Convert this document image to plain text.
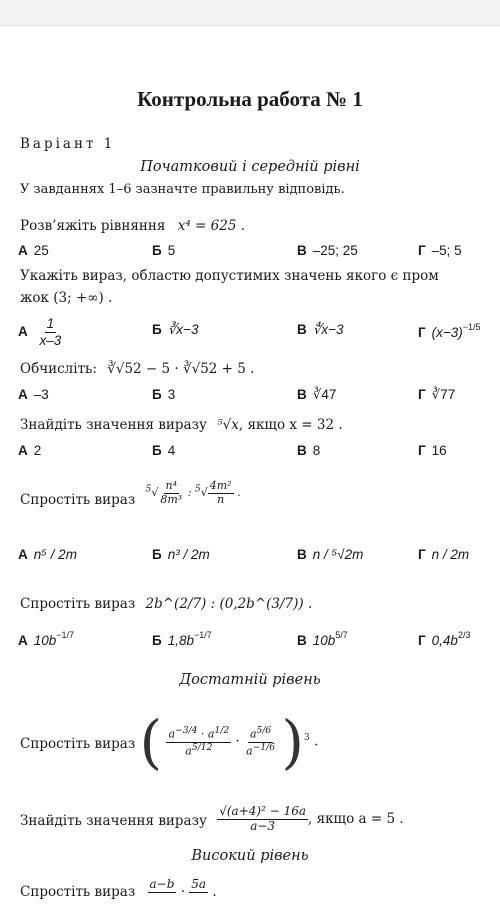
Контрольна работа № 1
Варіант 1
Початковий і середній рівні
У завданнях 1–6 зазначте правильну відповідь.
Розв’яжіть рівняння x⁴ = 625 .
А 25	Б 5	В –25; 25	Г –5; 5
Укажіть вираз, областю допустимих значень якого є пром
жок (3; +∞) .
А $\frac{1}{x-3}$	Б ∛x−3	В ∜x−3	Г $(x-3)^{-1/5}$
Обчисліть: ∛√52 − 5 · ∛√52 + 5 .
А –3	Б 3	В ∛47	Г ∛77
Знайдіть значення виразу ⁵√x, якщо x = 32 .
А 2	Б 4	В 8	Г 16
Спростіть вираз $^5√ \frac{\text{n⁴}}{\text{8m³}}$ : $^5√ \frac{\text{4m²}}{n}$ .
А n⁵ / 2m	Б n³ / 2m	В n / ⁵√2m	Г n / 2m
Спростіть вираз 2b^(2/7) : (0,2b^(3/7)) .
А $10b^{-1/7}$	Б $1,8b^{-1/7}$	В $10b^{5/7}$	Г $0,4b^{2/3}$
Достатній рівень
Спростіть вираз ( $\frac{a^{-3/4} \cdot a^{1/2}}{a^{5/12}} \cdot \frac{a^{5/6}}{a^{-1/6}} )^3$ .
Знайдіть значення виразу $\frac{\text{√(a+4)² − 16a}}{a-3}$ , якщо a = 5 .
Високий рівень
Спростіть вираз a−b
· 5a
.
